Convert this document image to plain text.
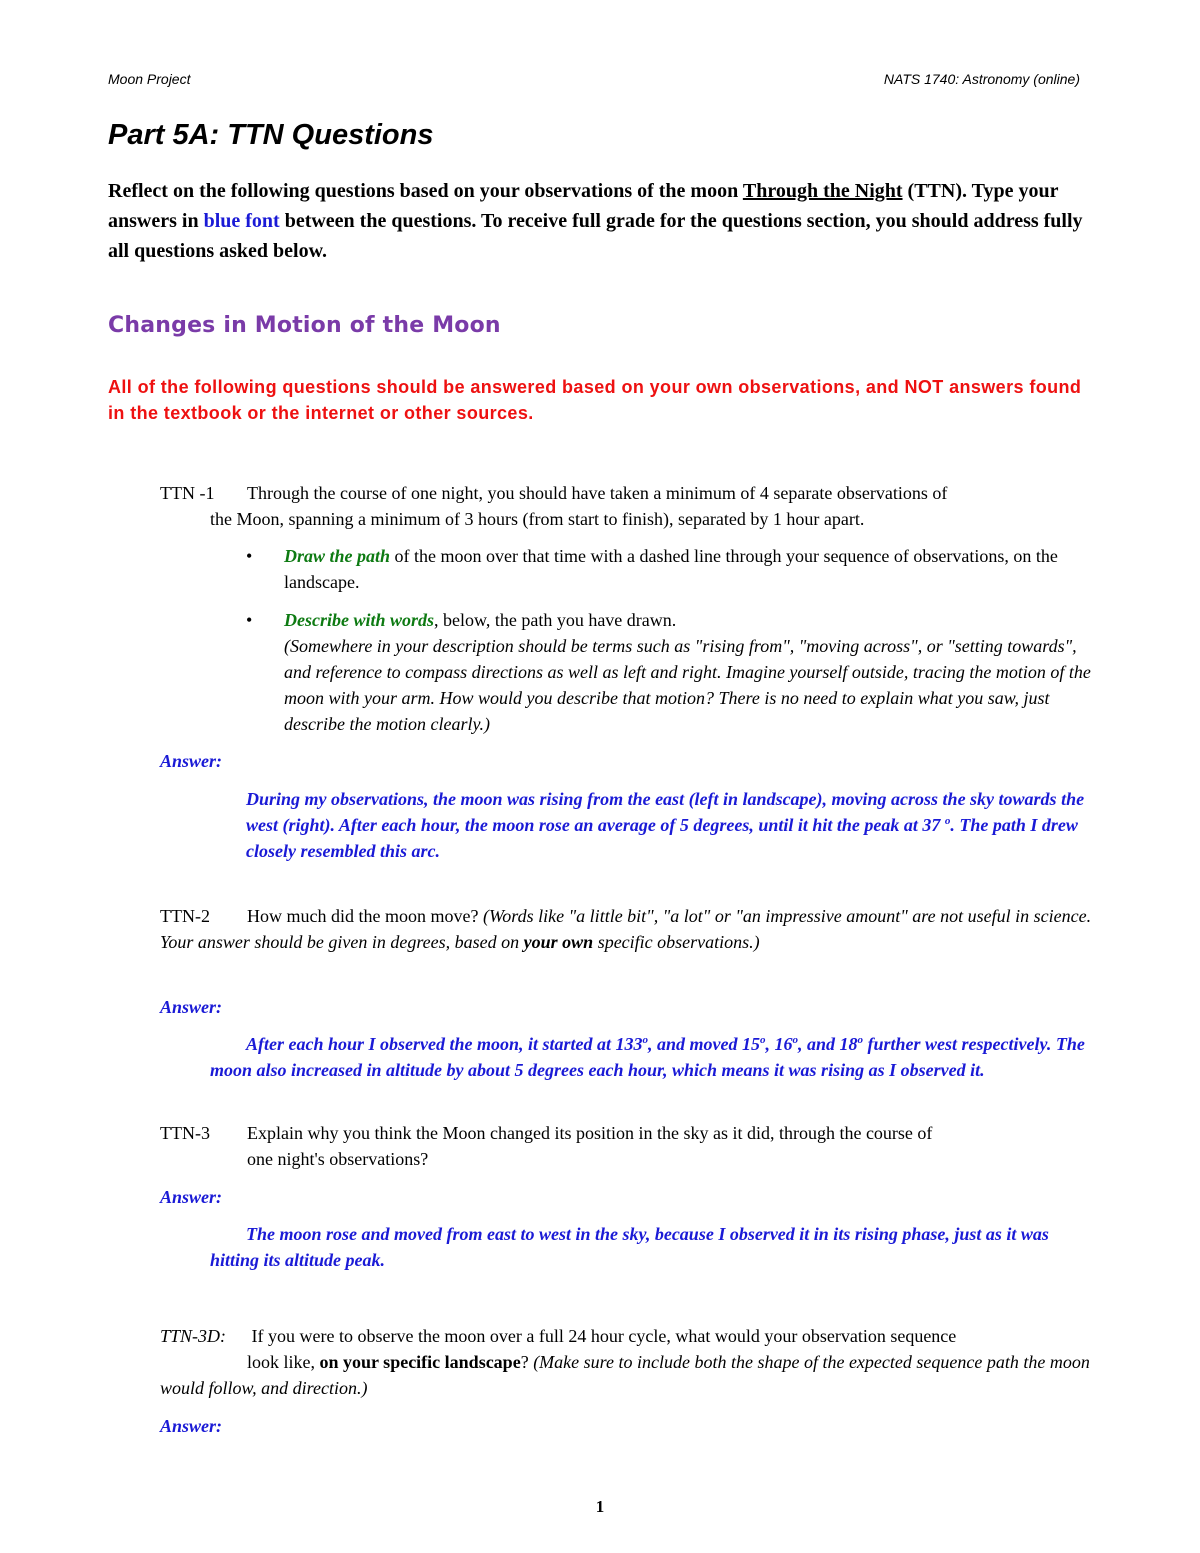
Moon Project	NATS 1740: Astronomy (online)
Part 5A: TTN Questions

Reflect on the following questions based on your observations of the moon Through the Night (TTN). Type your answers in blue font between the questions. To receive full grade for the questions section, you should address fully all questions asked below.

Changes in Motion of the Moon

All of the following questions should be answered based on your own observations, and NOT answers found in the textbook or the internet or other sources.

TTN -1 Through the course of one night, you should have taken a minimum of 4 separate observations of
the Moon, spanning a minimum of 3 hours (from start to finish), separated by 1 hour apart.

•	Draw the path of the moon over that time with a dashed line through your sequence of observations, on the landscape.

•	Describe with words, below, the path you have drawn.
(Somewhere in your description should be terms such as "rising from", "moving across", or "setting towards", and reference to compass directions as well as left and right. Imagine yourself outside, tracing the motion of the moon with your arm. How would you describe that motion? There is no need to explain what you saw, just describe the motion clearly.)

Answer:

During my observations, the moon was rising from the east (left in landscape), moving across the sky towards the west (right). After each hour, the moon rose an average of 5 degrees, until it hit the peak at 37 $^o$. The path I drew closely resembled this arc.

TTN-2 How much did the moon move? (Words like "a little bit", "a lot" or "an impressive amount" are not useful in science. Your answer should be given in degrees, based on your own specific observations.)

Answer:

After each hour I observed the moon, it started at 133$^o$, and moved 15$^o$, 16$^o$, and 18$^o$ further west respectively. The moon also increased in altitude by about 5 degrees each hour, which means it was rising as I observed it.

TTN-3 Explain why you think the Moon changed its position in the sky as it did, through the course of
one night's observations?

Answer:

The moon rose and moved from east to west in the sky, because I observed it in its rising phase, just as it was hitting its altitude peak.

TTN-3D: If you were to observe the moon over a full 24 hour cycle, what would your observation sequence
look like, on your specific landscape? (Make sure to include both the shape of the expected sequence path the moon would follow, and direction.)

Answer:

1
